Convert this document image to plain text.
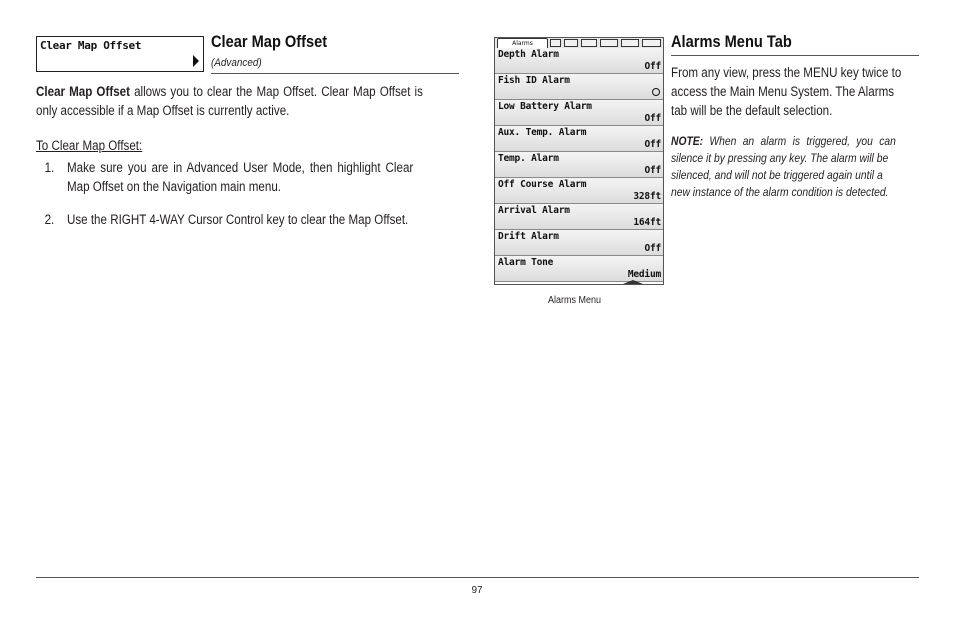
Clear Map Offset	Clear Map Offset
(Advanced)
Clear Map Offset allows you to clear the Map Offset. Clear Map Offset is
only accessible if a Map Offset is currently active.
To Clear Map Offset:
1. Make sure you are in Advanced User Mode, then highlight Clear
Map Offset on the Navigation main menu.
2. Use the RIGHT 4-WAY Cursor Control key to clear the Map Offset.
Alarms
Depth Alarm
Off
Fish ID Alarm
Low Battery Alarm
Off
Aux. Temp. Alarm
Off
Temp. Alarm
Off
Off Course Alarm
328ft
Arrival Alarm
164ft
Drift Alarm
Off
Alarm Tone
Medium
Alarms Menu
Alarms Menu Tab
From any view, press the MENU key twice to
access the Main Menu System. The Alarms
tab will be the default selection.
NOTE: When an alarm is triggered, you can
silence it by pressing any key. The alarm will be
silenced, and will not be triggered again until a
new instance of the alarm condition is detected.
97
